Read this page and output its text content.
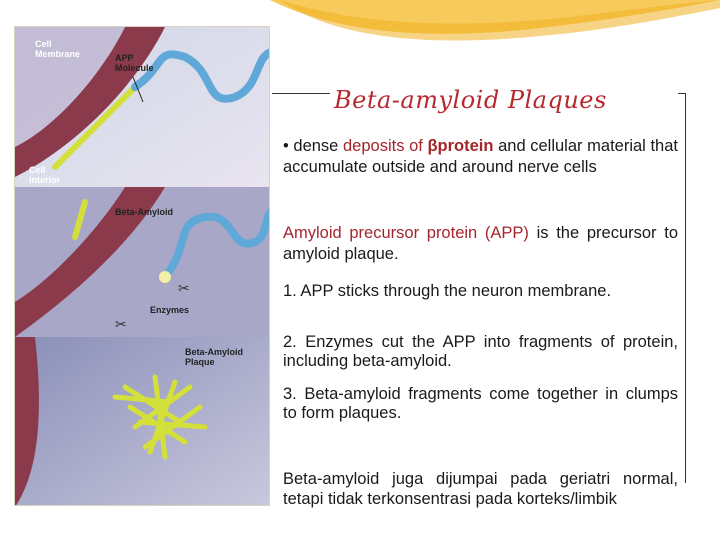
✂
✂
Cell
Membrane	APP
Molecule
Cell
Interior
Beta-Amyloid
Enzymes
Beta-Amyloid
Plaque
Beta-amyloid Plaques
• dense deposits of βprotein and cellular material that accumulate outside and around nerve cells
Amyloid precursor protein (APP) is the precursor to amyloid plaque.
1. APP sticks through the neuron membrane.
2. Enzymes cut the APP into fragments of protein, including beta-amyloid.
3. Beta-amyloid fragments come together in clumps to form plaques.
Beta-amyloid juga dijumpai pada geriatri normal, tetapi tidak terkonsentrasi pada korteks/limbik
